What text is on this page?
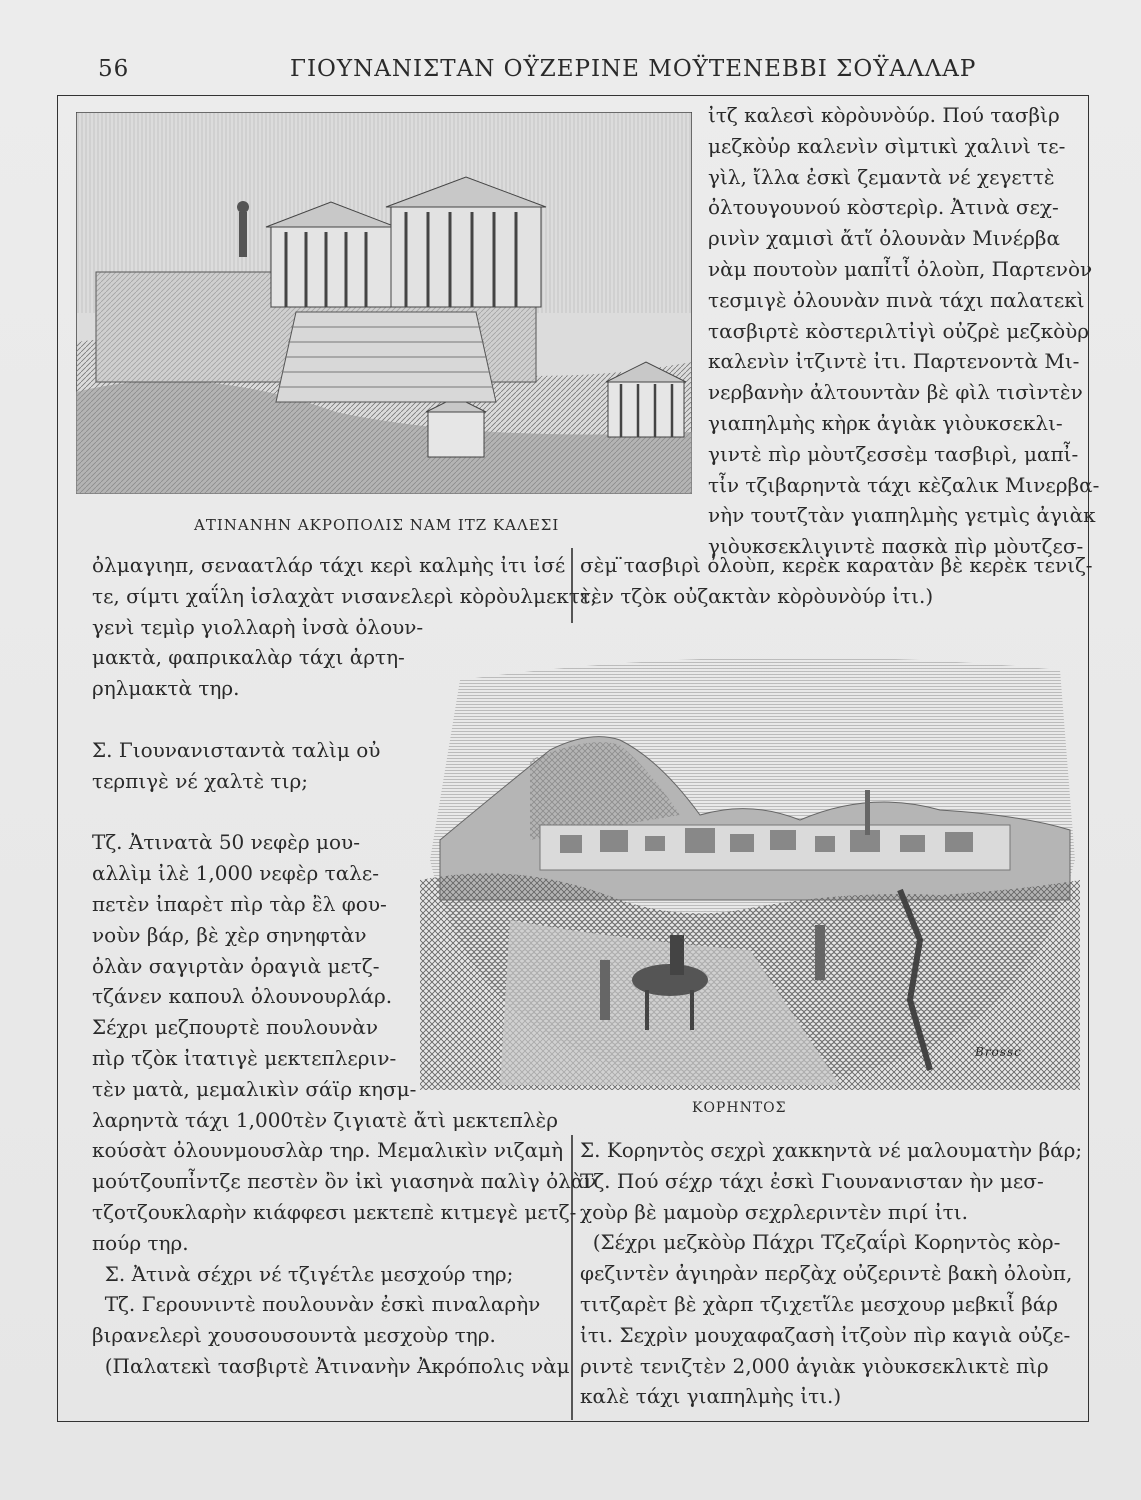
56	ΓΙΟΥΝΑΝΙΣΤΑΝ ΟΫΖΕΡΙΝΕ ΜΟΫΤΕΝΕΒΒΙ ΣΟΫΑΛΛΑΡ
ΑΤΙΝΑΝΗΝ ΑΚΡΟΠΟΛΙΣ ΝΑΜ ΙΤΖ ΚΑΛΕΣΙ

ἰτζ καλεσὶ κὸρὸυνὸύρ. Πού τασβὶρ

μεζκὸὐρ καλενὶν σὶμτικὶ χαλινὶ τε-

γὶλ, ἴλλα ἐσκὶ ζεμαντὰ νέ χεγεττὲ

ὀλτουγουνού κὸστερὶρ. Ἀτινὰ σεχ-

ρινὶν χαμισὶ ἄτἵ ὀλουνὰν Μινέρβα

νὰμ πουτοὺν μαπἶτἶ ὀλοὺπ, Παρτενὸν

τεσμιγὲ ὀλουνὰν πινὰ τάχι παλατεκὶ

τασβιρτὲ κὸστεριλτἰγὶ οὐζρὲ μεζκὸὺρ

καλενὶν ἰτζιντὲ ἰτι. Παρτενοντὰ Μι-

νερβανὴν ἀλτουντὰν βὲ φὶλ τισὶντὲν

γιαπηλμὴς κὴρκ ἀγιὰκ γιὸυκσεκλι-

γιντὲ πὶρ μὸυτζεσσὲμ τασβιρὶ, μαπἶ-

τἶν τζιβαρηντὰ τάχι κὲζαλικ Μινερβα-

νὴν τουτζτὰν γιαπηλμὴς γετμὶς ἀγιὰκ

γιὸυκσεκλιγιντὲ πασκὰ πὶρ μὸυτζεσ-

ὀλμαγιηπ, σεναατλάρ τάχι κερὶ καλμὴς ἰτι ἰσέ

τε, σίμτι χαΐλη ἰσλαχὰτ νισανελερὶ κὸρὸυλμεκτὲ,

γενὶ τεμὶρ γιολλαρὴ ἰνσὰ ὀλουν-

μακτὰ, φαπρικαλὰρ τάχι ἀρτη-

ρηλμακτὰ τηρ.

σὲμ ̈τασβιρὶ ὀλοὺπ, κερὲκ καρατὰν βὲ κερὲκ τενιζ-

τὲν τζὸκ οὐζακτὰν κὸρὸυνὸύρ ἰτι.)

ΚΟΡΗΝΤΟΣ
Brossc

Σ. Γιουνανισταντὰ ταλὶμ οὐ

τερπιγὲ νέ χαλτὲ τιρ;

Τζ. Ἀτινατὰ 50 νεφὲρ μου-

αλλὶμ ἰλὲ 1,000 νεφὲρ ταλε-

πετὲν ἰπαρὲτ πὶρ τὰρ ἒλ φου-

νοὺν βάρ, βὲ χὲρ σηνηφτὰν

ὀλὰν σαγιρτὰν ὀραγιὰ μετζ-

τζάνεν καπουλ ὀλουνουρλάρ.

Σέχρι μεζπουρτὲ πουλουνὰν

πὶρ τζὸκ ἰτατιγὲ μεκτεπλεριν-

τὲν ματὰ, μεμαλικὶν σάϊρ κησμ-

λαρηντὰ τάχι 1,000τὲν ζιγιατὲ ἄτὶ μεκτεπλὲρ

κούσὰτ ὀλουνμουσλὰρ τηρ. Μεμαλικὶν νιζαμὴ

μούτζουπἶντζε πεστὲν ὂν ἰκὶ γιασηνὰ παλὶγ ὀλὰν

τζοτζουκλαρὴν κιάφφεσι μεκτεπὲ κιτμεγὲ μετζ-

πούρ τηρ.

Σ. Ἀτινὰ σέχρι νέ τζιγέτλε μεσχούρ τηρ;

Τζ. Γερουνιντὲ πουλουνὰν ἐσκὶ πιναλαρὴν

βιρανελερὶ χουσουσουντὰ μεσχοὺρ τηρ.

(Παλατεκὶ τασβιρτὲ Ἀτινανὴν Ἀκρόπολις νὰμ

Σ. Κορηντὸς σεχρὶ χακκηντὰ νέ μαλουματὴν βάρ;

Τζ. Πού σέχρ τάχι ἐσκὶ Γιουνανισταν ὴν μεσ-

χοὺρ βὲ μαμοὺρ σεχρλεριντὲν πιρί ἰτι.

(Σέχρι μεζκὸὺρ Πάχρι Τζεζαΐρὶ Κορηντὸς κὸρ-

φεζιντὲν ἀγιηρὰν περζὰχ οὐζεριντὲ βακὴ ὀλοὺπ,

τιτζαρὲτ βὲ χὰρπ τζιχετἵλε μεσχουρ μεβκιἶ βάρ

ἰτι. Σεχρὶν μουχαφαζασὴ ἰτζοὺν πὶρ καγιὰ οὐζε-

ριντὲ τενιζτὲν 2,000 ἀγιὰκ γιὸυκσεκλικτὲ πὶρ

καλὲ τάχι γιαπηλμὴς ἰτι.)
